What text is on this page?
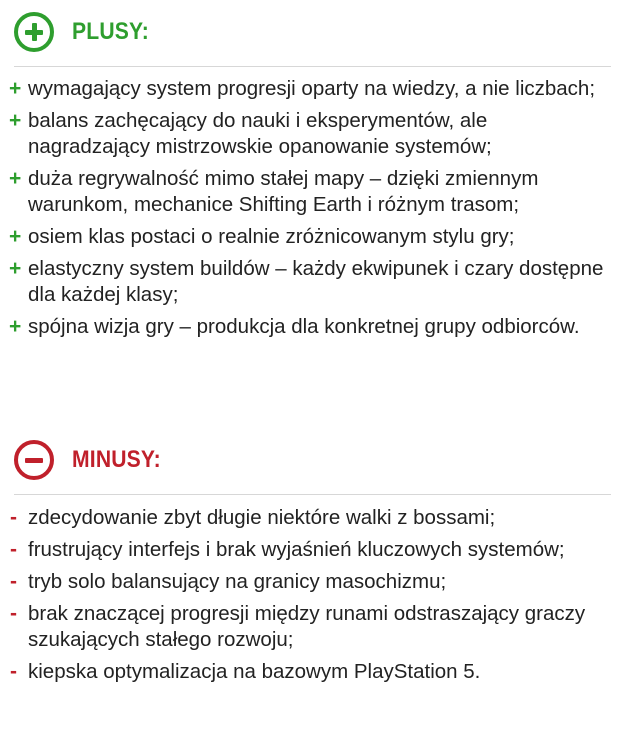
PLUSY:
+ wymagający system progresji oparty na wiedzy, a nie liczbach;
+ balans zachęcający do nauki i eksperymentów, ale nagradzający mistrzowskie opanowanie systemów;
+ duża regrywalność mimo stałej mapy – dzięki zmiennym warunkom, mechanice Shifting Earth i różnym trasom;
+ osiem klas postaci o realnie zróżnicowanym stylu gry;
+ elastyczny system buildów – każdy ekwipunek i czary dostępne dla każdej klasy;
+ spójna wizja gry – produkcja dla konkretnej grupy odbiorców.
MINUSY:
- zdecydowanie zbyt długie niektóre walki z bossami;
- frustrujący interfejs i brak wyjaśnień kluczowych systemów;
- tryb solo balansujący na granicy masochizmu;
- brak znaczącej progresji między runami odstraszający graczy szukających stałego rozwoju;
- kiepska optymalizacja na bazowym PlayStation 5.
